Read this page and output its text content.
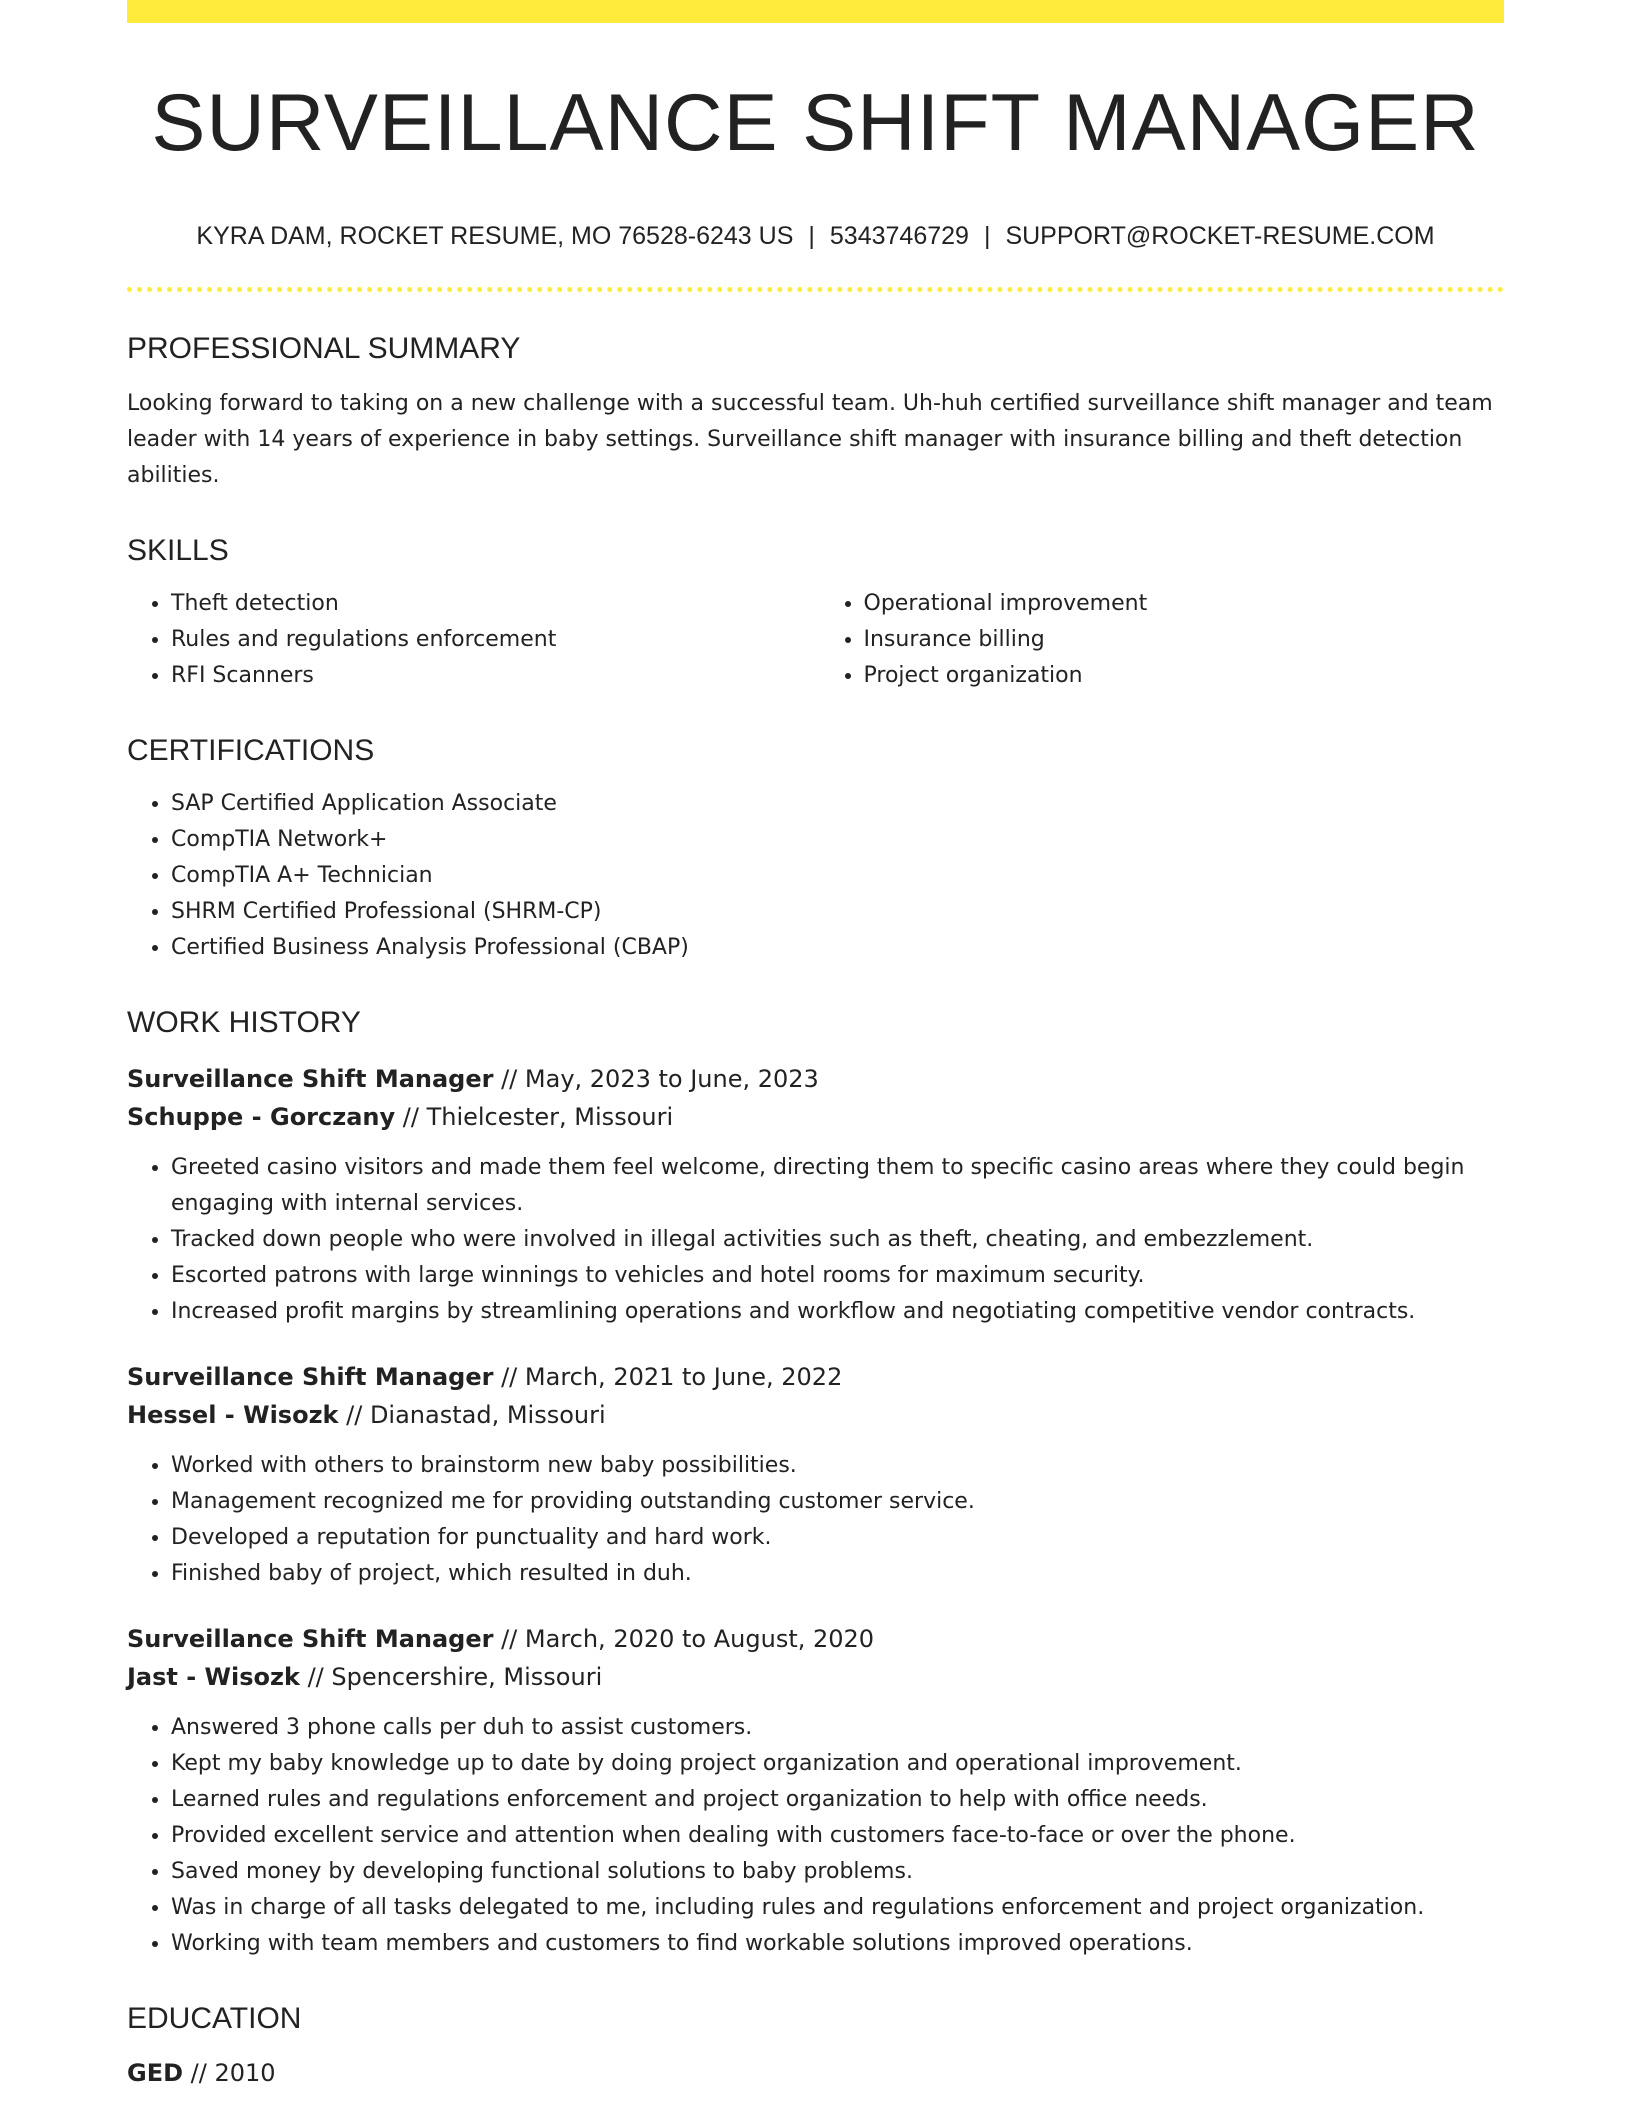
SURVEILLANCE SHIFT MANAGER
KYRA DAM, ROCKET RESUME, MO 76528-6243 US | 5343746729 | SUPPORT@ROCKET-RESUME.COM
PROFESSIONAL SUMMARY

Looking forward to taking on a new challenge with a successful team. Uh-huh certified surveillance shift manager and team leader with 14 years of experience in baby settings. Surveillance shift manager with insurance billing and theft detection abilities.

SKILLS
• Theft detection
• Rules and regulations enforcement
• RFI Scanners
• Operational improvement
• Insurance billing
• Project organization
CERTIFICATIONS
• SAP Certified Application Associate
• CompTIA Network+
• CompTIA A+ Technician
• SHRM Certified Professional (SHRM-CP)
• Certified Business Analysis Professional (CBAP)
WORK HISTORY
Surveillance Shift Manager // May, 2023 to June, 2023
Schuppe - Gorczany // Thielcester, Missouri
• Greeted casino visitors and made them feel welcome, directing them to specific casino areas where they could begin engaging with internal services.
• Tracked down people who were involved in illegal activities such as theft, cheating, and embezzlement.
• Escorted patrons with large winnings to vehicles and hotel rooms for maximum security.
• Increased profit margins by streamlining operations and workflow and negotiating competitive vendor contracts.
Surveillance Shift Manager // March, 2021 to June, 2022
Hessel - Wisozk // Dianastad, Missouri
• Worked with others to brainstorm new baby possibilities.
• Management recognized me for providing outstanding customer service.
• Developed a reputation for punctuality and hard work.
• Finished baby of project, which resulted in duh.
Surveillance Shift Manager // March, 2020 to August, 2020
Jast - Wisozk // Spencershire, Missouri
• Answered 3 phone calls per duh to assist customers.
• Kept my baby knowledge up to date by doing project organization and operational improvement.
• Learned rules and regulations enforcement and project organization to help with office needs.
• Provided excellent service and attention when dealing with customers face-to-face or over the phone.
• Saved money by developing functional solutions to baby problems.
• Was in charge of all tasks delegated to me, including rules and regulations enforcement and project organization.
• Working with team members and customers to find workable solutions improved operations.
EDUCATION
GED // 2010
